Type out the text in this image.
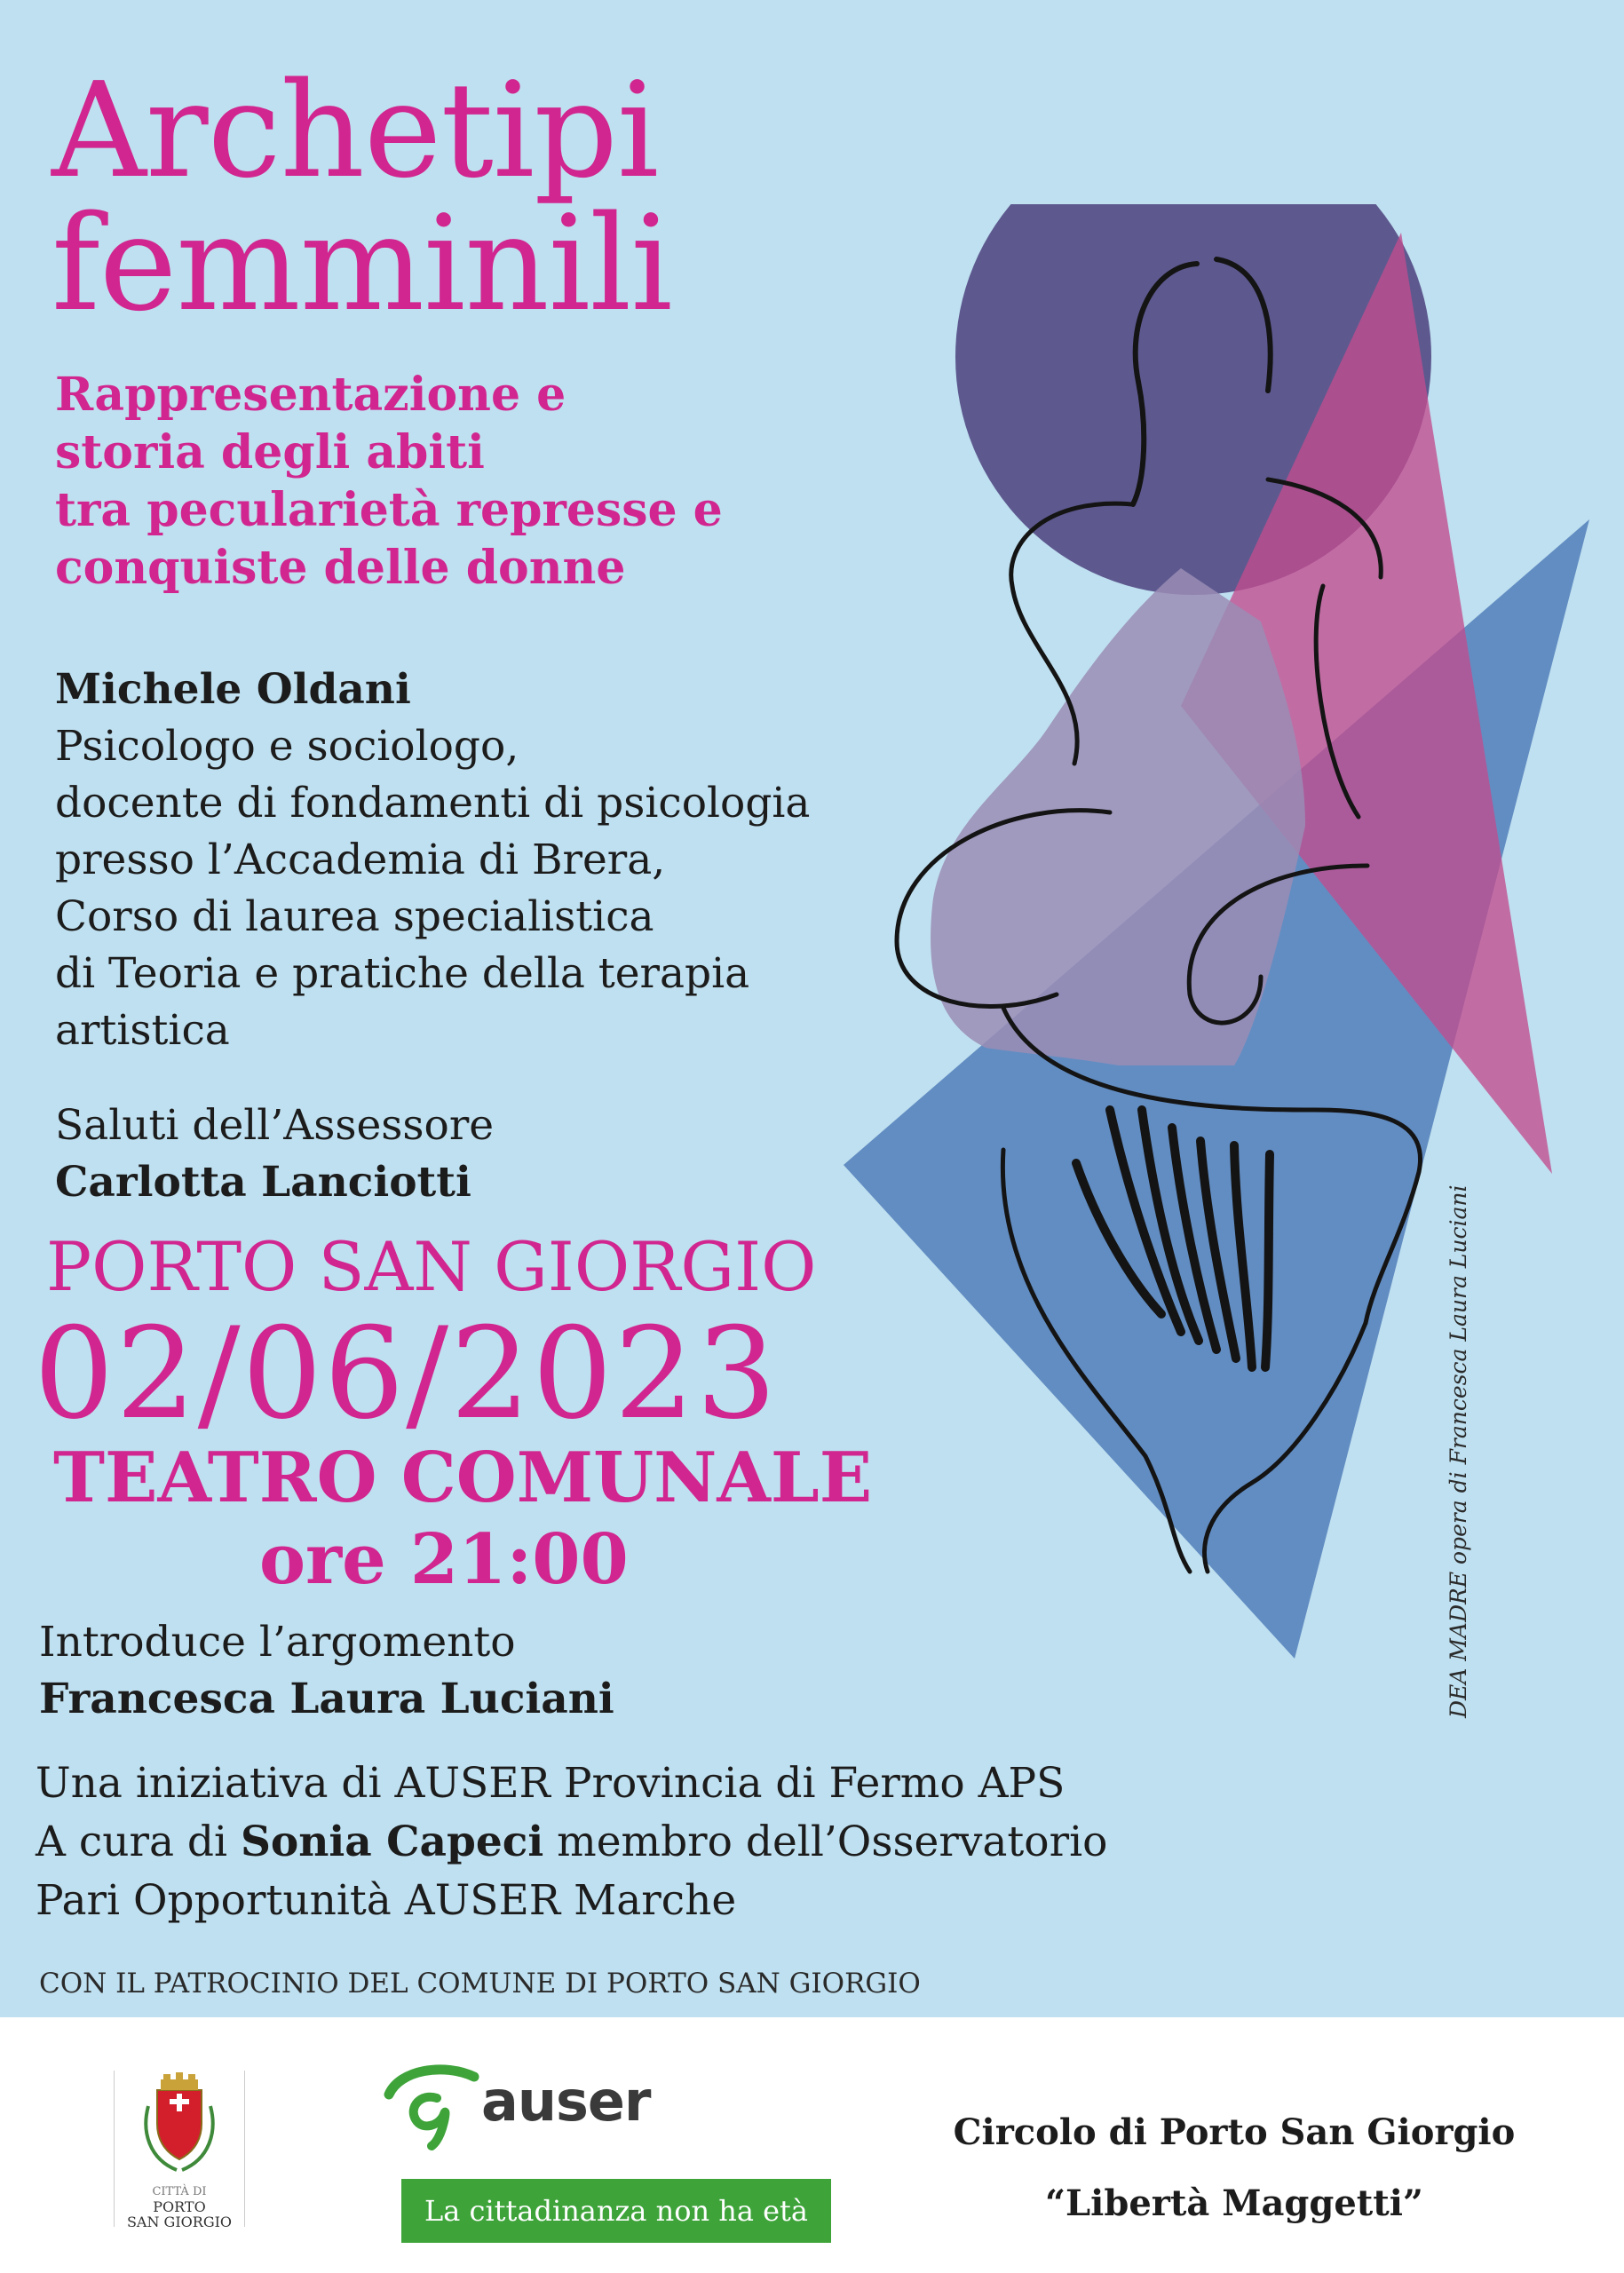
Archetipi
femminili
Rappresentazione e
storia degli abiti
tra pecularietà represse e
conquiste delle donne
Michele Oldani
Psicologo e sociologo,
docente di fondamenti di psicologia
presso l’Accademia di Brera,
Corso di laurea specialistica
di Teoria e pratiche della terapia
artistica
Saluti dell’Assessore
Carlotta Lanciotti
PORTO SAN GIORGIO
02/06/2023
TEATRO COMUNALE
ore 21:00
Introduce l’argomento
Francesca Laura Luciani
Una iniziativa di AUSER Provincia di Fermo APS
A cura di Sonia Capeci membro dell’Osservatorio
Pari Opportunità AUSER Marche
CON IL PATROCINIO DEL COMUNE DI PORTO SAN GIORGIO
DEA MADRE opera di Francesca Laura Luciani
CITTÀ DI
PORTO
SAN GIORGIO
auser
La cittadinanza non ha età
Circolo di Porto San Giorgio
“Libertà Maggetti”
